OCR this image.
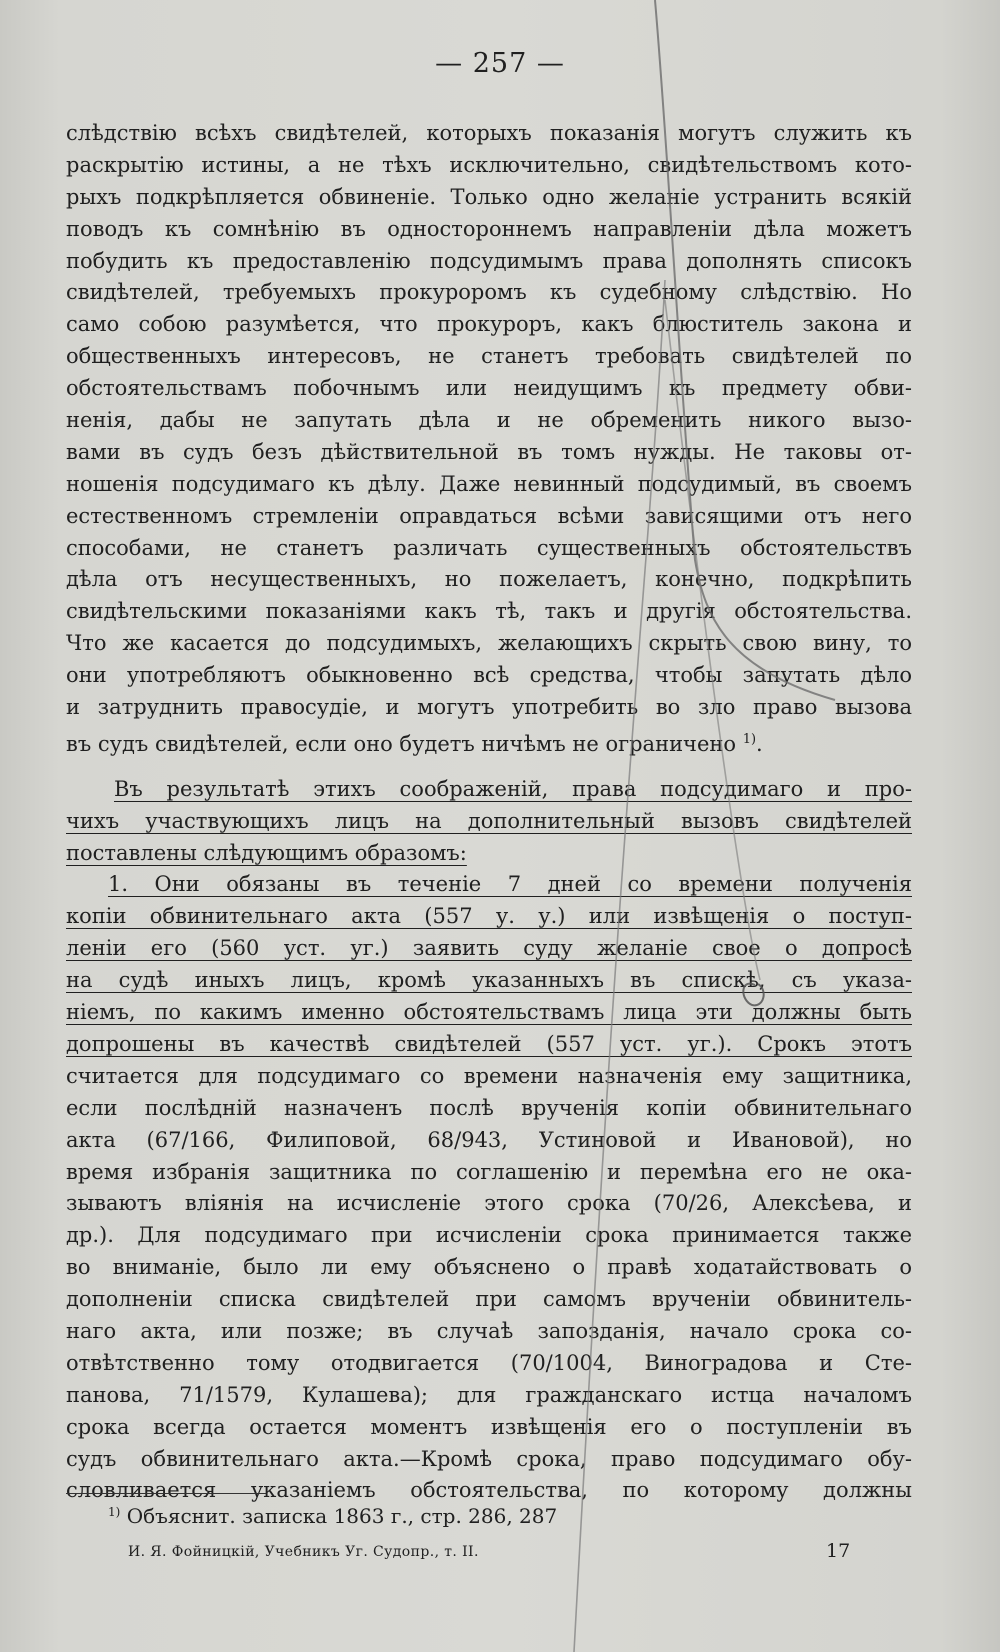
— 257 —
слѣдствію всѣхъ свидѣтелей, которыхъ показанія могутъ служить къ
раскрытію истины, а не тѣхъ исключительно, свидѣтельствомъ кото-
рыхъ подкрѣпляется обвиненіе. Только одно желаніе устранить всякій
поводъ къ сомнѣнію въ одностороннемъ направленіи дѣла можетъ
побудить къ предоставленію подсудимымъ права дополнять списокъ
свидѣтелей, требуемыхъ прокуроромъ къ судебному слѣдствію. Но
само собою разумѣется, что прокуроръ, какъ блюститель закона и
общественныхъ интересовъ, не станетъ требовать свидѣтелей по
обстоятельствамъ побочнымъ или неидущимъ къ предмету обви-
ненія, дабы не запутать дѣла и не обременить никого вызо-
вами въ судъ безъ дѣйствительной въ томъ нужды. Не таковы от-
ношенія подсудимаго къ дѣлу. Даже невинный подсудимый, въ своемъ
естественномъ стремленіи оправдаться всѣми зависящими отъ него
способами, не станетъ различать существенныхъ обстоятельствъ
дѣла отъ несущественныхъ, но пожелаетъ, конечно, подкрѣпить
свидѣтельскими показаніями какъ тѣ, такъ и другія обстоятельства.
Что же касается до подсудимыхъ, желающихъ скрыть свою вину, то
они употребляютъ обыкновенно всѣ средства, чтобы запутать дѣло
и затруднить правосудіе, и могутъ употребить во зло право вызова
въ судъ свидѣтелей, если оно будетъ ничѣмъ не ограничено $^{1)}$.
Въ результатѣ этихъ соображеній, права подсудимаго и про-
чихъ участвующихъ лицъ на дополнительный вызовъ свидѣтелей
поставлены слѣдующимъ образомъ:
1. Они обязаны въ теченіе 7 дней со времени полученія
копіи обвинительнаго акта (557 у. у.) или извѣщенія о поступ-
леніи его (560 уст. уг.) заявить суду желаніе свое о допросѣ
на судѣ иныхъ лицъ, кромѣ указанныхъ въ спискѣ, съ указа-
ніемъ, по какимъ именно обстоятельствамъ лица эти должны быть
допрошены въ качествѣ свидѣтелей (557 уст. уг.). Срокъ этотъ
считается для подсудимаго со времени назначенія ему защитника,
если послѣдній назначенъ послѣ врученія копіи обвинительнаго
акта (67/166, Филиповой, 68/943, Устиновой и Ивановой), но
время избранія защитника по соглашенію и перемѣна его не ока-
зываютъ вліянія на исчисленіе этого срока (70/26, Алексѣева, и
др.). Для подсудимаго при исчисленіи срока принимается также
во вниманіе, было ли ему объяснено о правѣ ходатайствовать о
дополненіи списка свидѣтелей при самомъ врученіи обвинитель-
наго акта, или позже; въ случаѣ запозданія, начало срока со-
отвѣтственно тому отодвигается (70/1004, Виноградова и Сте-
панова, 71/1579, Кулашева); для гражданскаго истца началомъ
срока всегда остается моментъ извѣщенія его о поступленіи въ
судъ обвинительнаго акта.—Кромѣ срока, право подсудимаго обу-
словливается указаніемъ обстоятельства, по которому должны
$^{1)}$ Объяснит. записка 1863 г., стр. 286, 287
И. Я. Фойницкій, Учебникъ Уг. Судопр., т. II.	17
